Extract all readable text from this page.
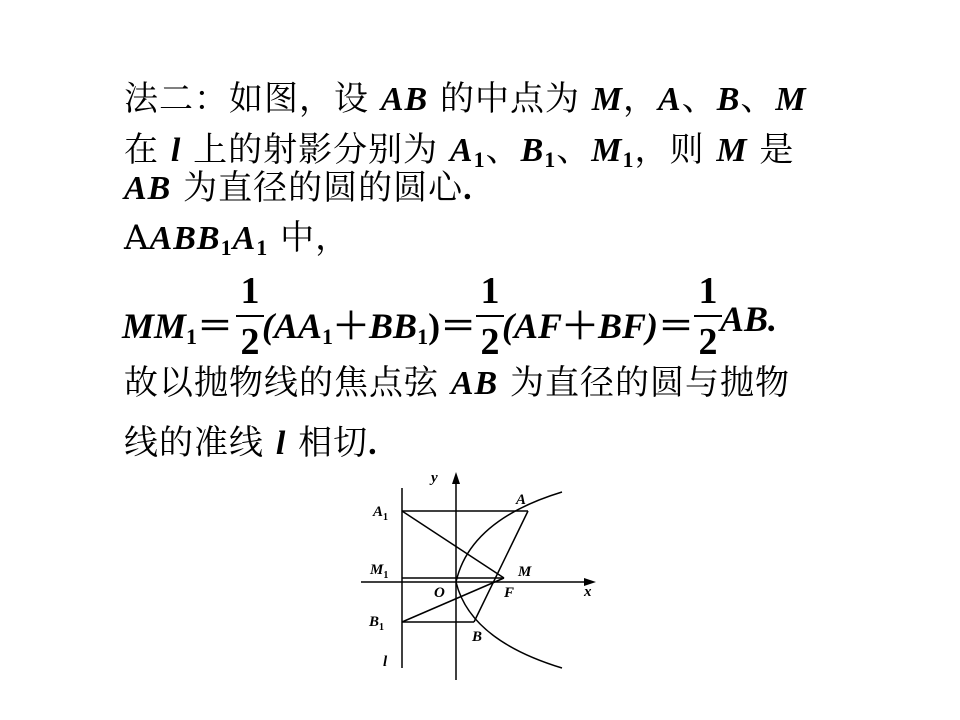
法二：如图，设 AB 的中点为 M，A、B、M
在 l 上的射影分别为 $A_1$、$B_1$、$M_1$，则 M 是
AB 为直径的圆的圆心.
$AABB_1A_1$ 中，
$MM_1=$
1
2 $(AA_1+BB_1)=$
1
2 (AF＋BF)＝
1
2
AB.
故以抛物线的焦点弦 AB 为直径的圆与抛物
线的准线 l 相切.
y
x
A
$A_1$
M
$M_1$
O	F
B
$B_1$
l
